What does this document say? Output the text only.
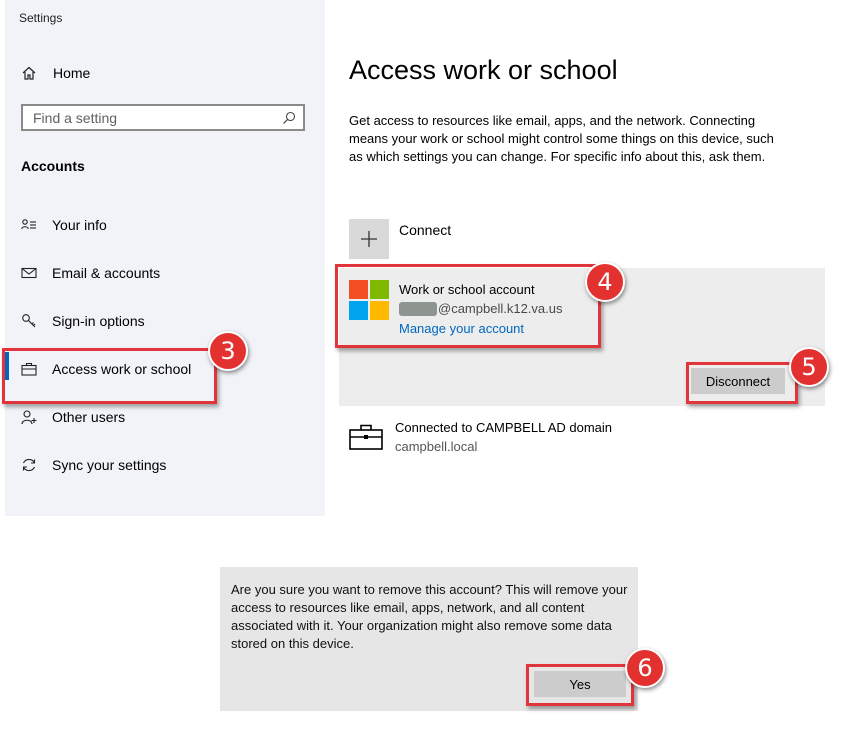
Settings
Home
Find a setting
Accounts
Your info
Email & accounts
Sign-in options
Access work or school
Other users
Sync your settings
3
Access work or school
Get access to resources like email, apps, and the network. Connecting means your work or school might control some things on this device, such as which settings you can change. For specific info about this, ask them.
Connect
Work or school account
@campbell.k12.va.us
Manage your account
Disconnect
4
5
Connected to CAMPBELL AD domain
campbell.local
Are you sure you want to remove this account? This will remove your access to resources like email, apps, network, and all content associated with it. Your organization might also remove some data stored on this device.
Yes
6
